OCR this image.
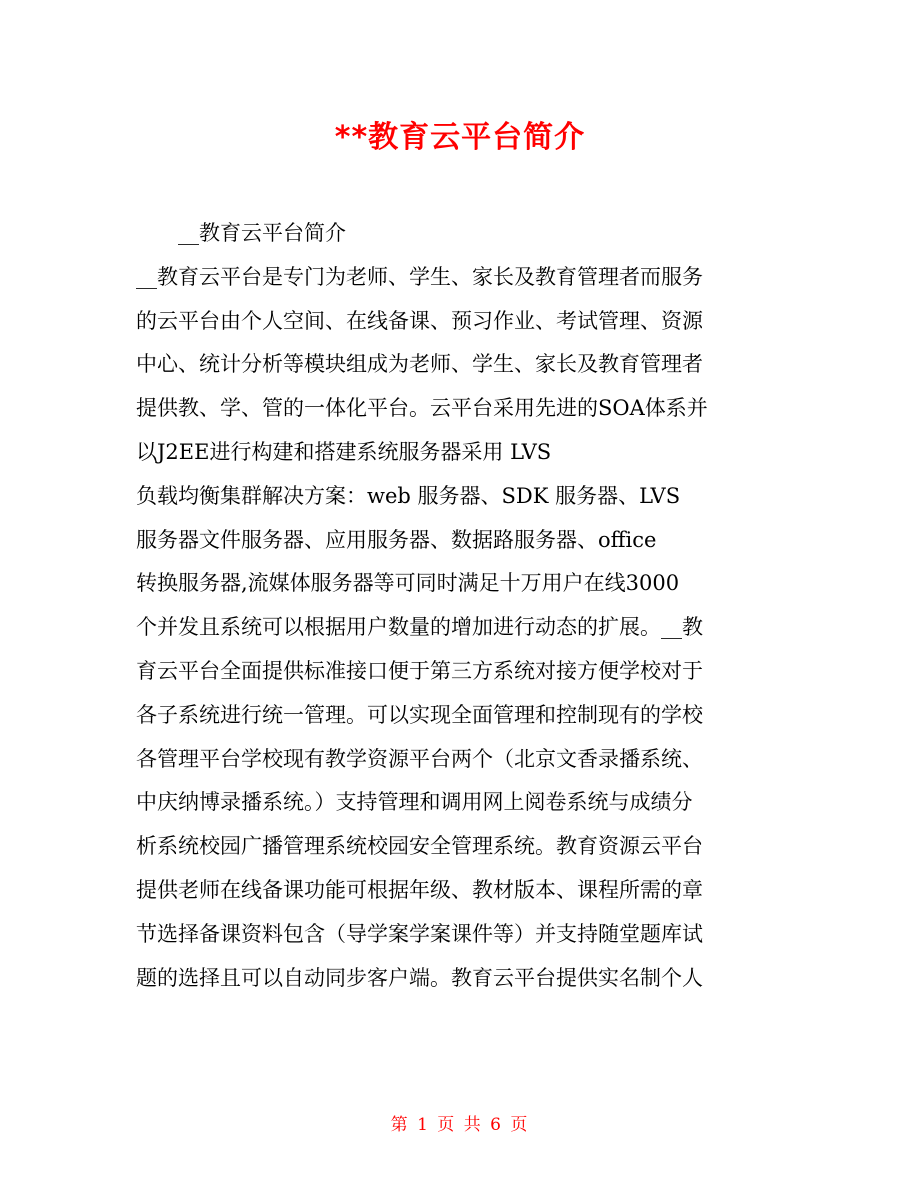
**教育云平台简介
__教育云平台简介
__教育云平台是专门为老师、学生、家长及教育管理者而服务
的云平台由个人空间、在线备课、预习作业、考试管理、资源
中心、统计分析等模块组成为老师、学生、家长及教育管理者
提供教、学、管的一体化平台。云平台采用先进的SOA体系并
以J2EE进行构建和搭建系统服务器采用 LVS
负载均衡集群解决方案：web 服务器、SDK 服务器、LVS
服务器文件服务器、应用服务器、数据路服务器、office
转换服务器,流媒体服务器等可同时满足十万用户在线3000
个并发且系统可以根据用户数量的增加进行动态的扩展。__教
育云平台全面提供标准接口便于第三方系统对接方便学校对于
各子系统进行统一管理。可以实现全面管理和控制现有的学校
各管理平台学校现有教学资源平台两个（北京文香录播系统、
中庆纳博录播系统。）支持管理和调用网上阅卷系统与成绩分
析系统校园广播管理系统校园安全管理系统。教育资源云平台
提供老师在线备课功能可根据年级、教材版本、课程所需的章
节选择备课资料包含（导学案学案课件等）并支持随堂题库试
题的选择且可以自动同步客户端。教育云平台提供实名制个人
第 1 页 共 6 页
